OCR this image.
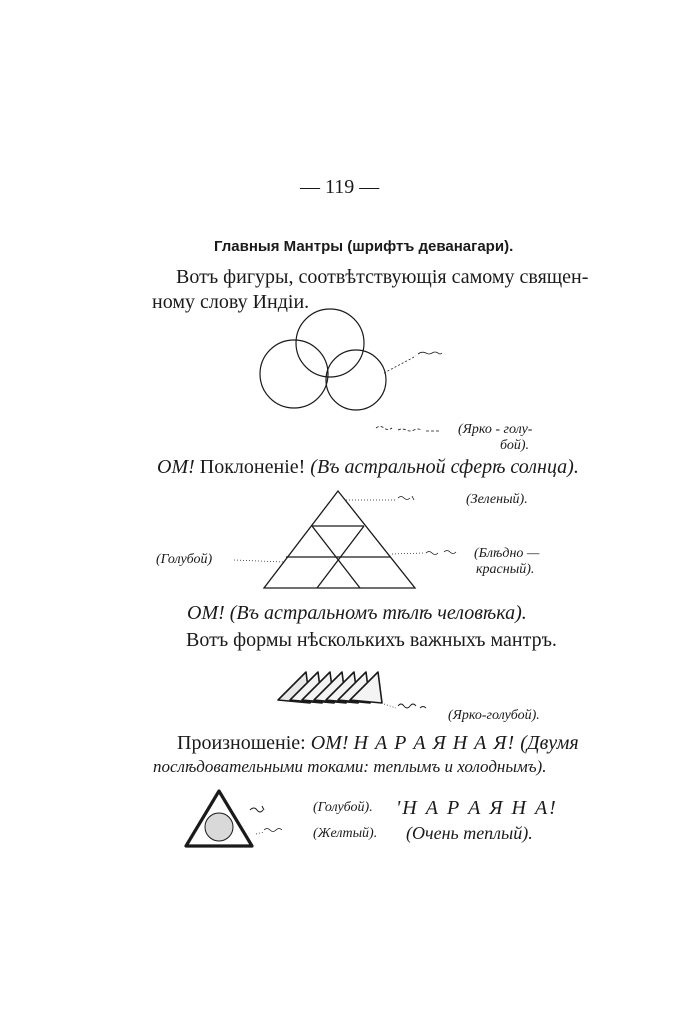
— 119 —
Главныя Мантры (шрифтъ деванагари).
Вотъ фигуры, соотвѣтствующія самому священ-
ному слову Индіи.
(Ярко - голу-
бой).
ОМ! Поклоненіе! (Въ астральной сферѣ солнца).
(Зеленый).
(Голубой)	(Блѣдно —
красный).
ОМ! (Въ астральномъ тѣлѣ человѣка).
Вотъ формы нѣсколькихъ важныхъ мантръ.
(Ярко-голубой).
Произношеніе: ОМ! Н А Р А Я Н А Я! (Двумя
послѣдовательными токами: теплымъ и холоднымъ).
(Голубой).
(Желтый).
'Н А Р А Я Н А!
(Очень теплый).
